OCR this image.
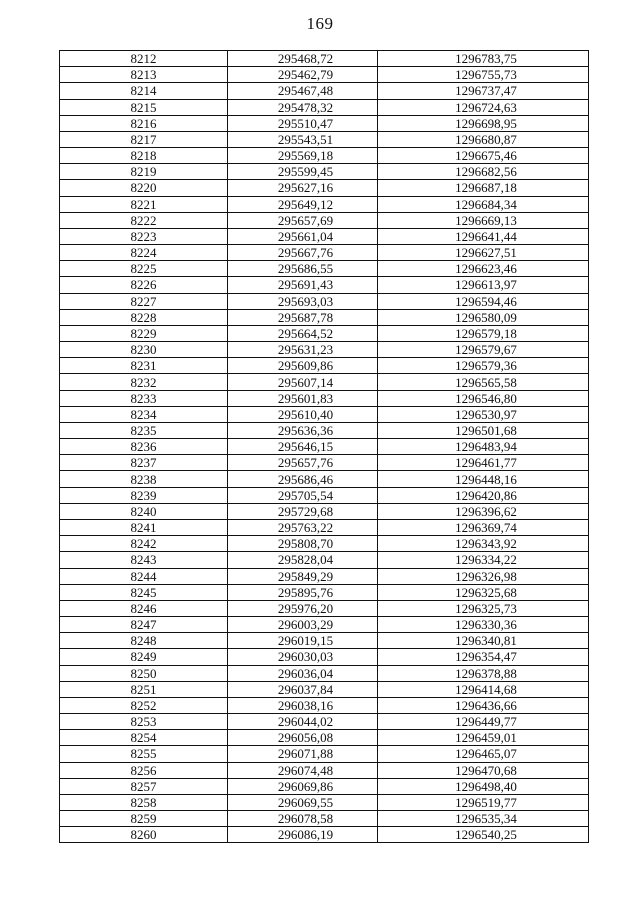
169
8212	295468,72	1296783,75
8213	295462,79	1296755,73
8214	295467,48	1296737,47
8215	295478,32	1296724,63
8216	295510,47	1296698,95
8217	295543,51	1296680,87
8218	295569,18	1296675,46
8219	295599,45	1296682,56
8220	295627,16	1296687,18
8221	295649,12	1296684,34
8222	295657,69	1296669,13
8223	295661,04	1296641,44
8224	295667,76	1296627,51
8225	295686,55	1296623,46
8226	295691,43	1296613,97
8227	295693,03	1296594,46
8228	295687,78	1296580,09
8229	295664,52	1296579,18
8230	295631,23	1296579,67
8231	295609,86	1296579,36
8232	295607,14	1296565,58
8233	295601,83	1296546,80
8234	295610,40	1296530,97
8235	295636,36	1296501,68
8236	295646,15	1296483,94
8237	295657,76	1296461,77
8238	295686,46	1296448,16
8239	295705,54	1296420,86
8240	295729,68	1296396,62
8241	295763,22	1296369,74
8242	295808,70	1296343,92
8243	295828,04	1296334,22
8244	295849,29	1296326,98
8245	295895,76	1296325,68
8246	295976,20	1296325,73
8247	296003,29	1296330,36
8248	296019,15	1296340,81
8249	296030,03	1296354,47
8250	296036,04	1296378,88
8251	296037,84	1296414,68
8252	296038,16	1296436,66
8253	296044,02	1296449,77
8254	296056,08	1296459,01
8255	296071,88	1296465,07
8256	296074,48	1296470,68
8257	296069,86	1296498,40
8258	296069,55	1296519,77
8259	296078,58	1296535,34
8260	296086,19	1296540,25
